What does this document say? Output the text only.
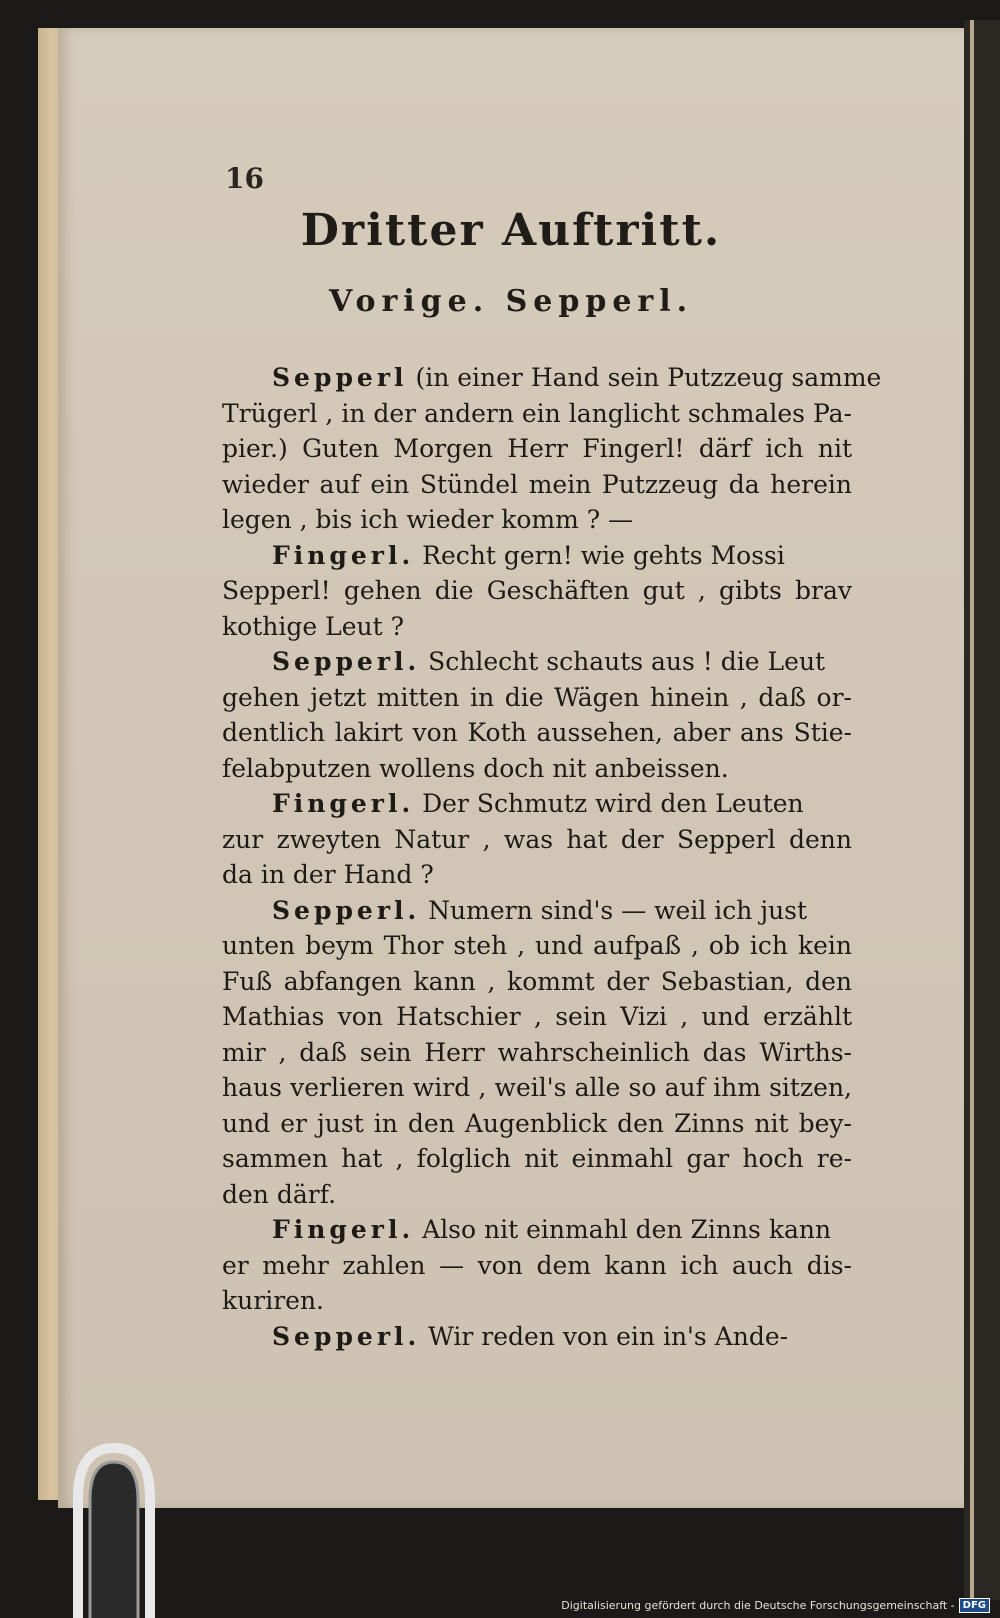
16
Dritter Auftritt.
Vorige. Sepperl.
Sepperl (in einer Hand sein Putzzeug samme
Trügerl , in der andern ein langlicht schmales Pa-
pier.) Guten Morgen Herr Fingerl! därf ich nit
wieder auf ein Stündel mein Putzzeug da herein
legen , bis ich wieder komm ? —
Fingerl. Recht gern! wie gehts Mossi
Sepperl! gehen die Geschäften gut , gibts brav
kothige Leut ?
Sepperl. Schlecht schauts aus ! die Leut
gehen jetzt mitten in die Wägen hinein , daß or-
dentlich lakirt von Koth aussehen, aber ans Stie-
felabputzen wollens doch nit anbeissen.
Fingerl. Der Schmutz wird den Leuten
zur zweyten Natur , was hat der Sepperl denn
da in der Hand ?
Sepperl. Numern sind's — weil ich just
unten beym Thor steh , und aufpaß , ob ich kein
Fuß abfangen kann , kommt der Sebastian, den
Mathias von Hatschier , sein Vizi , und erzählt
mir , daß sein Herr wahrscheinlich das Wirths-
haus verlieren wird , weil's alle so auf ihm sitzen,
und er just in den Augenblick den Zinns nit bey-
sammen hat , folglich nit einmahl gar hoch re-
den därf.
Fingerl. Also nit einmahl den Zinns kann
er mehr zahlen — von dem kann ich auch dis-
kuriren.
Sepperl. Wir reden von ein in's Ande-
Digitalisierung gefördert durch die Deutsche Forschungsgemeinschaft - DFG
